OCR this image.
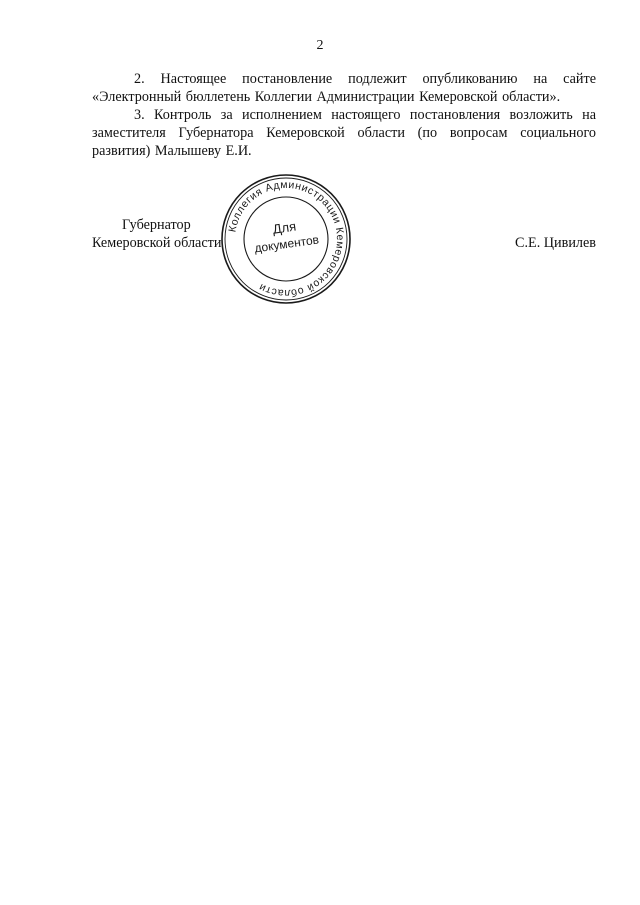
2

2. Настоящее постановление подлежит опубликованию на сайте «Электронный бюллетень Коллегии Администрации Кемеровской области».

3. Контроль за исполнением настоящего постановления возложить на заместителя Губернатора Кемеровской области (по вопросам социального развития) Малышеву Е.И.

Губернатор
Кемеровской области	С.Е. Цивилев
Коллегия Администрации Кемеровской области
Для
документов
